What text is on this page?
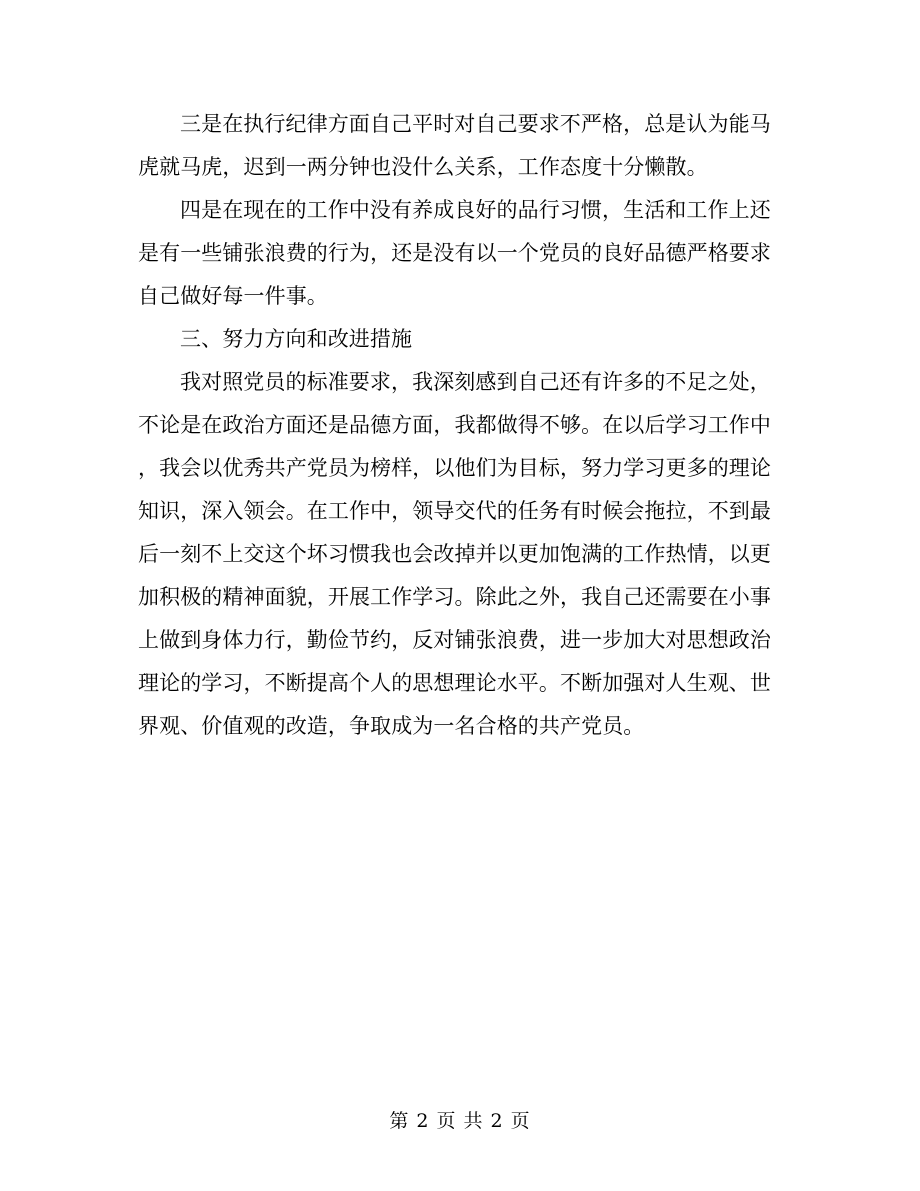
三是在执行纪律方面自己平时对自己要求不严格，总是认为能马
虎就马虎，迟到一两分钟也没什么关系，工作态度十分懒散。
四是在现在的工作中没有养成良好的品行习惯，生活和工作上还
是有一些铺张浪费的行为，还是没有以一个党员的良好品德严格要求
自己做好每一件事。
三、努力方向和改进措施
我对照党员的标准要求，我深刻感到自己还有许多的不足之处，
不论是在政治方面还是品德方面，我都做得不够。在以后学习工作中
，我会以优秀共产党员为榜样，以他们为目标，努力学习更多的理论
知识，深入领会。在工作中，领导交代的任务有时候会拖拉，不到最
后一刻不上交这个坏习惯我也会改掉并以更加饱满的工作热情，以更
加积极的精神面貌，开展工作学习。除此之外，我自己还需要在小事
上做到身体力行，勤俭节约，反对铺张浪费，进一步加大对思想政治
理论的学习，不断提高个人的思想理论水平。不断加强对人生观、世
界观、价值观的改造，争取成为一名合格的共产党员。
第 2 页 共 2 页
